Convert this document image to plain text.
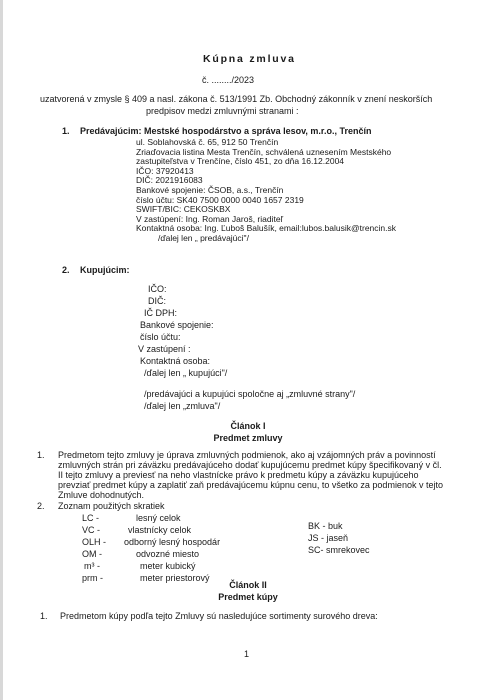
Kúpna zmluva
č. ......../2023
uzatvorená v zmysle § 409 a nasl. zákona č. 513/1991 Zb. Obchodný zákonník v znení neskorších
predpisov medzi zmluvnými stranami :
1. Predávajúcim: Mestské hospodárstvo a správa lesov, m.r.o., Trenčín
ul. Soblahovská č. 65, 912 50 Trenčín
Zriaďovacia listina Mesta Trenčín, schválená uznesením Mestského
zastupiteľstva v Trenčíne, číslo 451, zo dňa 16.12.2004
IČO: 37920413
DIČ: 2021916083
Bankové spojenie: ČSOB, a.s., Trenčín
číslo účtu: SK40 7500 0000 0040 1657 2319
SWIFT/BIC: CEKOSKBX
V zastúpení: Ing. Roman Jaroš, riaditeľ
Kontaktná osoba: Ing. Ľuboš Balušík, email:lubos.balusik@trencin.sk
/ďalej len „ predávajúci"/
2. Kupujúcim:
IČO:
DIČ:
IČ DPH:
Bankové spojenie:
číslo účtu:
V zastúpení :
Kontaktná osoba:
/ďalej len „ kupujúci"/
/predávajúci a kupujúci spoločne aj „zmluvné strany"/
/ďalej len „zmluva"/
Článok I
Predmet zmluvy
1. Predmetom tejto zmluvy je úprava zmluvných podmienok, ako aj vzájomných práv a povinností
zmluvných strán pri záväzku predávajúceho dodať kupujúcemu predmet kúpy špecifikovaný v čl.
II tejto zmluvy a previesť na neho vlastnícke právo k predmetu kúpy a záväzku kupujúceho
prevziať predmet kúpy a zaplatiť zaň predávajúcemu kúpnu cenu, to všetko za podmienok v tejto
Zmluve dohodnutých.
2. Zoznam použitých skratiek
LC -	lesný celok
VC -	vlastnícky celok
OLH - odborný lesný hospodár
OM -	odvozné miesto
m³ -	meter kubický
prm -	meter priestorový
BK - buk
JS - jaseň
SC- smrekovec
Článok II
Predmet kúpy
1. Predmetom kúpy podľa tejto Zmluvy sú nasledujúce sortimenty surového dreva:
1
